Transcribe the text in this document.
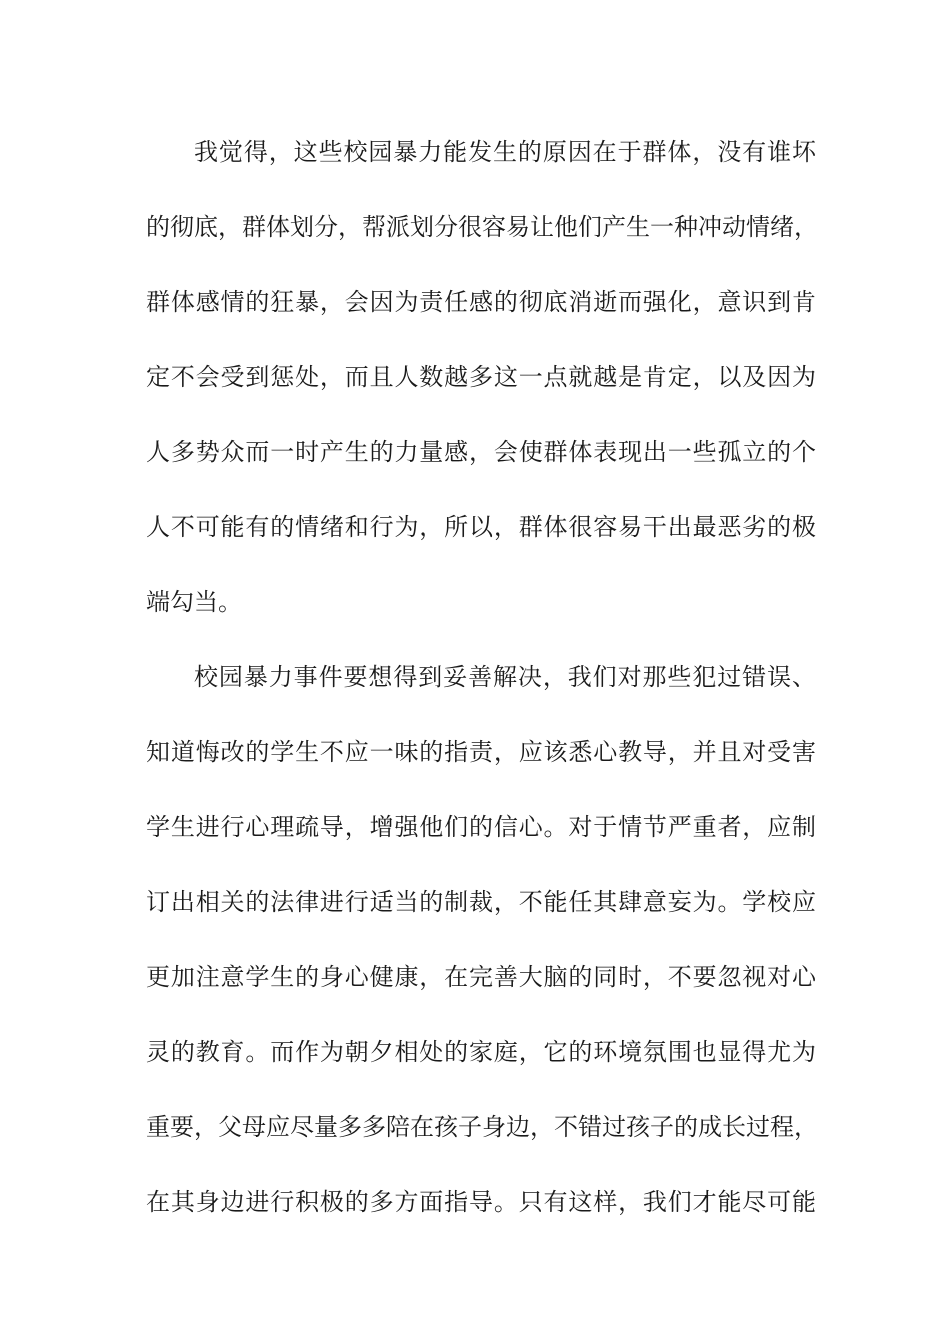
我觉得，这些校园暴力能发生的原因在于群体，没有谁坏
的彻底，群体划分，帮派划分很容易让他们产生一种冲动情绪，
群体感情的狂暴，会因为责任感的彻底消逝而强化，意识到肯
定不会受到惩处，而且人数越多这一点就越是肯定，以及因为
人多势众而一时产生的力量感，会使群体表现出一些孤立的个
人不可能有的情绪和行为，所以，群体很容易干出最恶劣的极
端勾当。
校园暴力事件要想得到妥善解决，我们对那些犯过错误、
知道悔改的学生不应一味的指责，应该悉心教导，并且对受害
学生进行心理疏导，增强他们的信心。对于情节严重者，应制
订出相关的法律进行适当的制裁，不能任其肆意妄为。学校应
更加注意学生的身心健康，在完善大脑的同时，不要忽视对心
灵的教育。而作为朝夕相处的家庭，它的环境氛围也显得尤为
重要，父母应尽量多多陪在孩子身边，不错过孩子的成长过程，
在其身边进行积极的多方面指导。只有这样，我们才能尽可能
